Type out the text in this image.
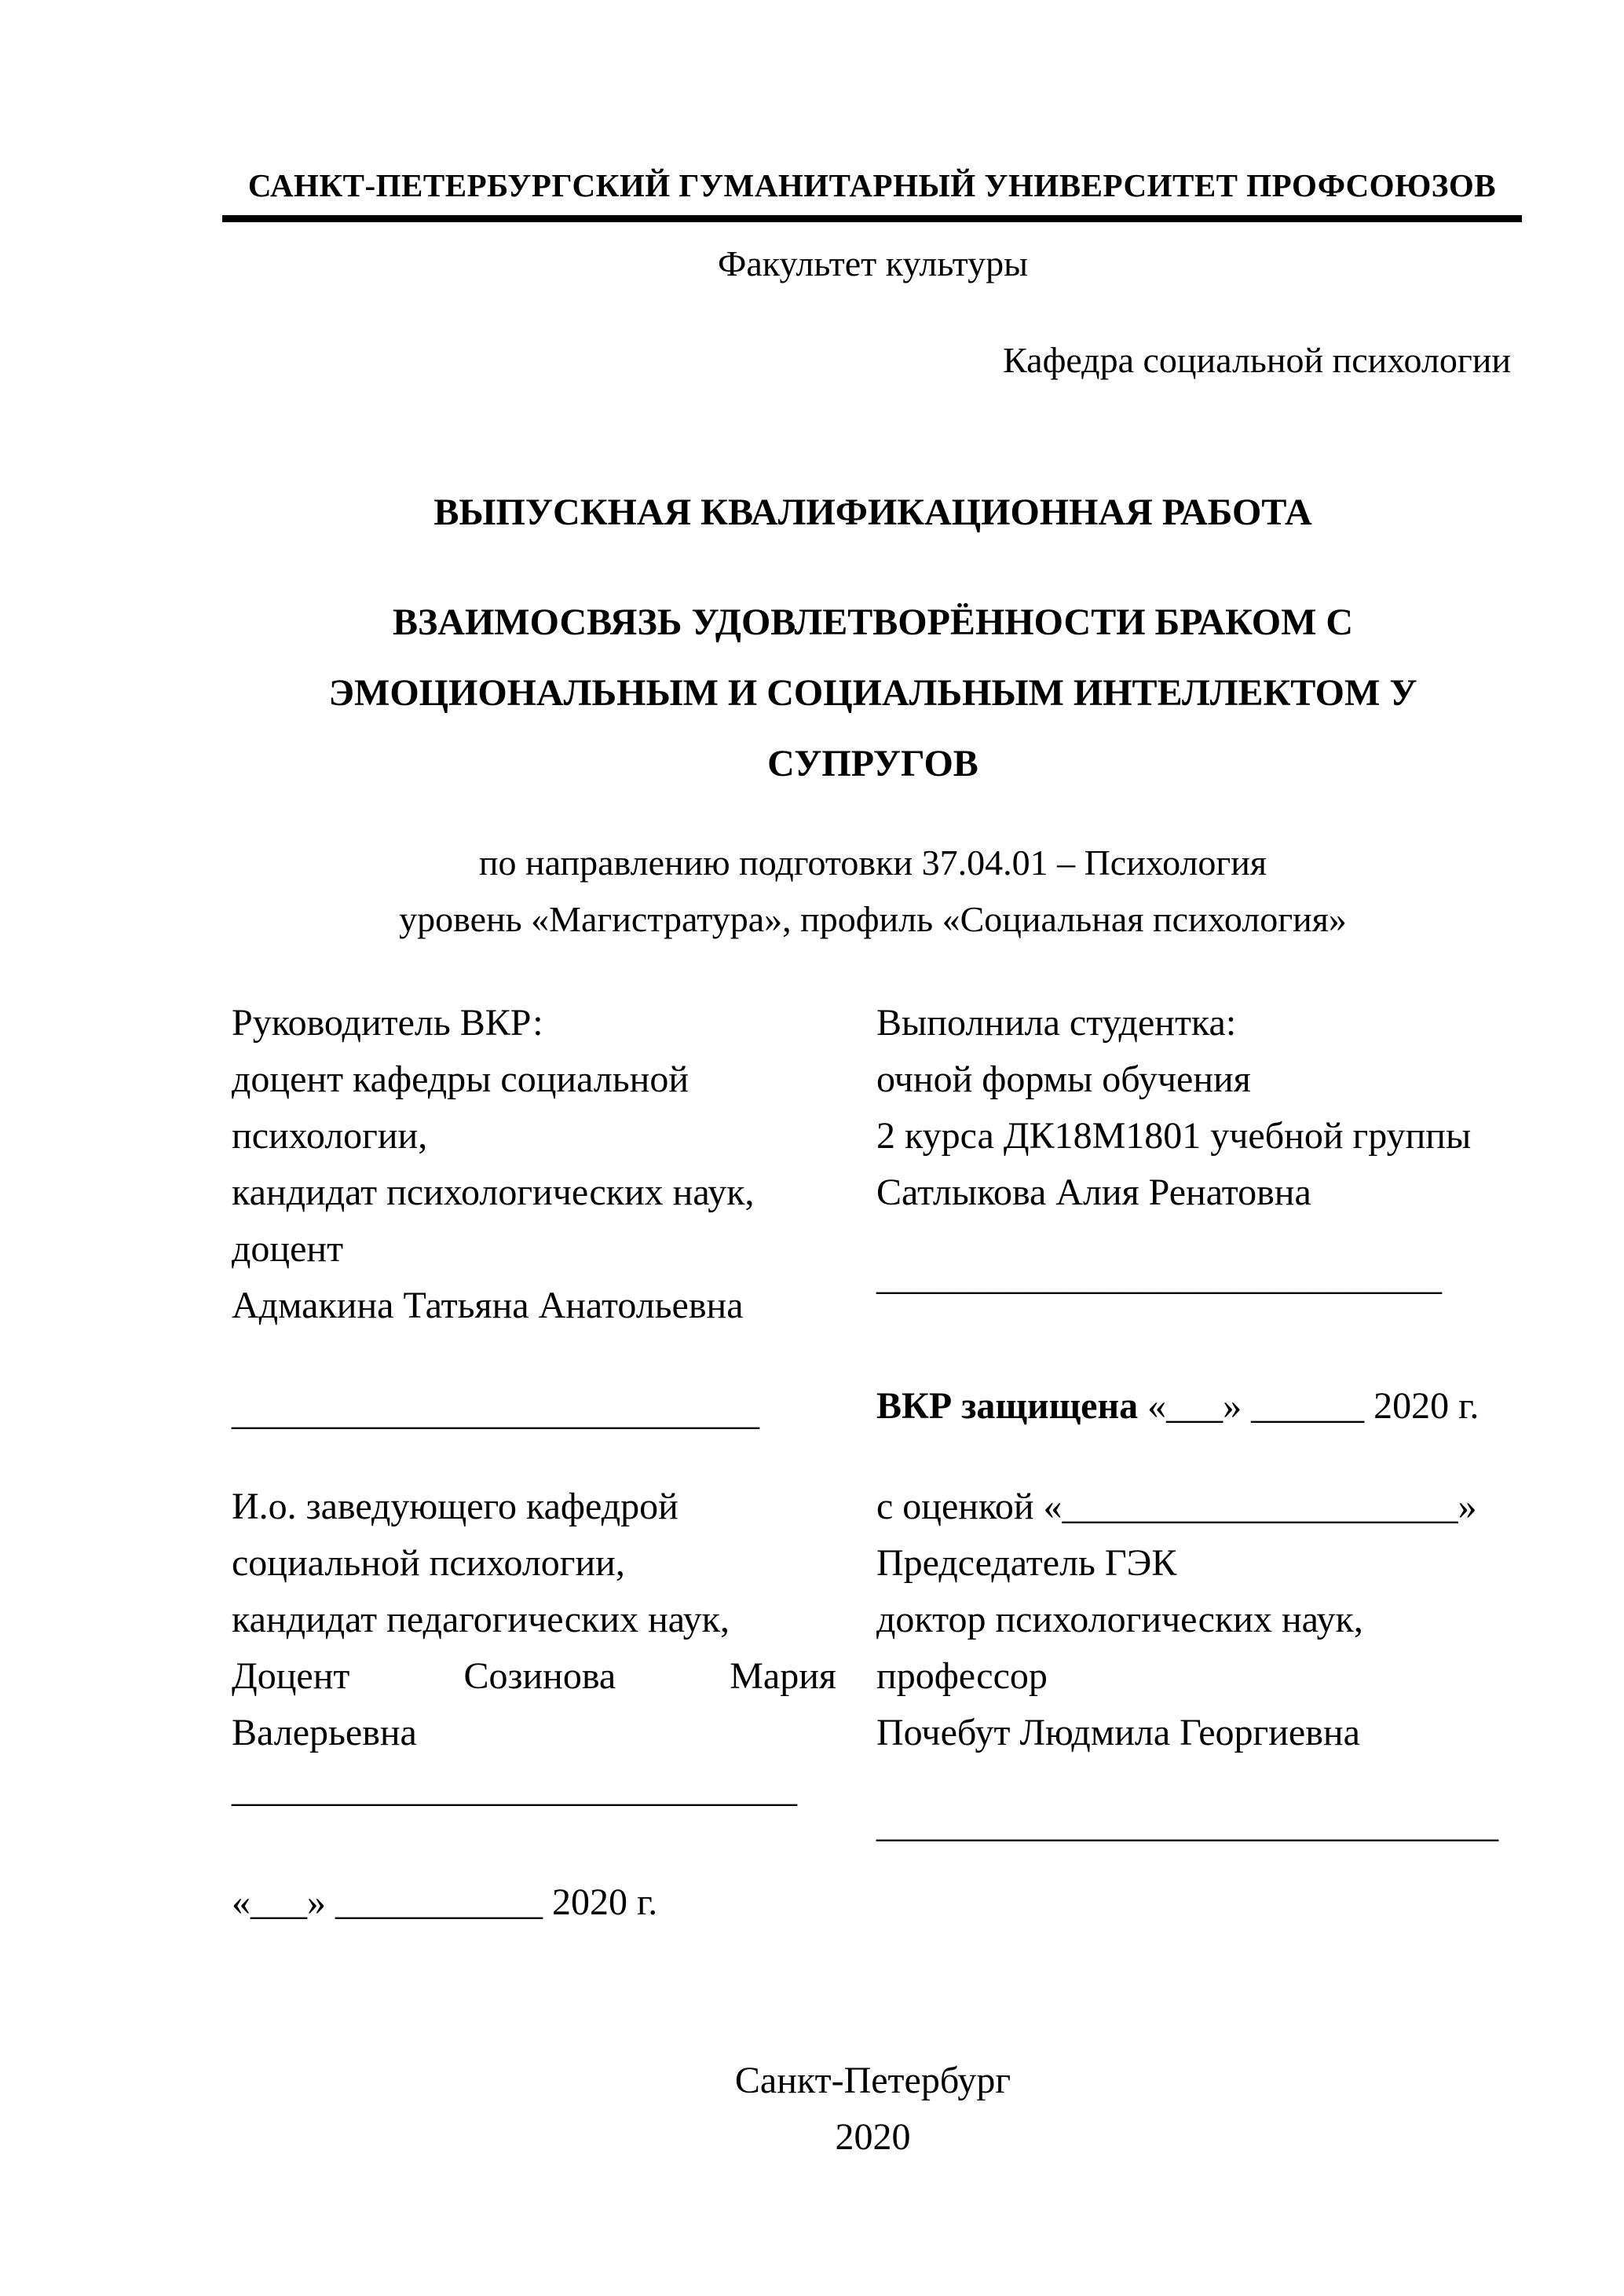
САНКТ-ПЕТЕРБУРГСКИЙ ГУМАНИТАРНЫЙ УНИВЕРСИТЕТ ПРОФСОЮЗОВ
Факультет культуры
Кафедра социальной психологии
ВЫПУСКНАЯ КВАЛИФИКАЦИОННАЯ РАБОТА
ВЗАИМОСВЯЗЬ УДОВЛЕТВОРЁННОСТИ БРАКОМ С
ЭМОЦИОНАЛЬНЫМ И СОЦИАЛЬНЫМ ИНТЕЛЛЕКТОМ У
СУПРУГОВ
по направлению подготовки 37.04.01 – Психология
уровень «Магистратура», профиль «Социальная психология»
Руководитель ВКР:
доцент кафедры социальной
психологии,
кандидат психологических наук,
доцент
Адмакина Татьяна Анатольевна
Выполнила студентка:
очной формы обучения
2 курса ДК18М1801 учебной группы
Сатлыкова Алия Ренатовна
______________________________
____________________________	ВКР защищена «___» ______ 2020 г.
И.о. заведующего кафедрой
социальной психологии,
кандидат педагогических наук,
Доцент Созинова Мария
Валерьевна
______________________________
«___» ___________ 2020 г.
с оценкой «_____________________»
Председатель ГЭК
доктор психологических наук,
профессор
Почебут Людмила Георгиевна
_________________________________
Санкт-Петербург
2020
